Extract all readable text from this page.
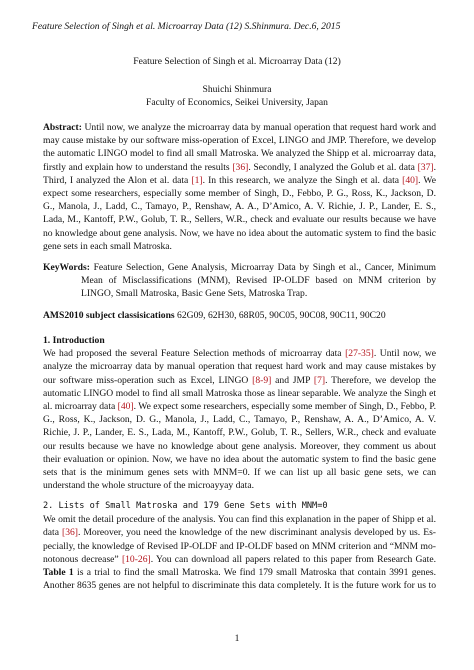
Feature Selection of Singh et al. Microarray Data (12) S.Shinmura. Dec.6, 2015
Feature Selection of Singh et al. Microarray Data (12)
Shuichi Shinmura
Faculty of Economics, Seikei University, Japan
Abstract: Until now, we analyze the microarray data by manual operation that request hard work and
may cause mistake by our software miss-operation of Excel, LINGO and JMP. Therefore, we develop
the automatic LINGO model to find all small Matroska. We analyzed the Shipp et al. microarray data,
firstly and explain how to understand the results [36]. Secondly, I analyzed the Golub et al. data [37].
Third, I analyzed the Alon et al. data [1]. In this research, we analyze the Singh et al. data [40]. We
expect some researchers, especially some member of Singh, D., Febbo, P. G., Ross, K., Jackson, D.
G., Manola, J., Ladd, C., Tamayo, P., Renshaw, A. A., D’Amico, A. V. Richie, J. P., Lander, E. S.,
Lada, M., Kantoff, P.W., Golub, T. R., Sellers, W.R., check and evaluate our results because we have
no knowledge about gene analysis. Now, we have no idea about the automatic system to find the basic
gene sets in each small Matroska.
KeyWords: Feature Selection, Gene Analysis, Microarray Data by Singh et al., Cancer, Minimum
Mean of Misclassifications (MNM), Revised IP-OLDF based on MNM criterion by
LINGO, Small Matroska, Basic Gene Sets, Matroska Trap.
AMS2010 subject classisications 62G09, 62H30, 68R05, 90C05, 90C08, 90C11, 90C20
1. Introduction
We had proposed the several Feature Selection methods of microarray data [27-35]. Until now, we
analyze the microarray data by manual operation that request hard work and may cause mistakes by
our software miss-operation such as Excel, LINGO [8-9] and JMP [7]. Therefore, we develop the
automatic LINGO model to find all small Matroska those as linear separable. We analyze the Singh et
al. microarray data [40]. We expect some researchers, especially some member of Singh, D., Febbo, P.
G., Ross, K., Jackson, D. G., Manola, J., Ladd, C., Tamayo, P., Renshaw, A. A., D’Amico, A. V.
Richie, J. P., Lander, E. S., Lada, M., Kantoff, P.W., Golub, T. R., Sellers, W.R., check and evaluate
our results because we have no knowledge about gene analysis. Moreover, they comment us about
their evaluation or opinion. Now, we have no idea about the automatic system to find the basic gene
sets that is the minimum genes sets with MNM=0. If we can list up all basic gene sets, we can
understand the whole structure of the microayyay data.
2. Lists of Small Matroska and 179 Gene Sets with MNM=0
We omit the detail procedure of the analysis. You can find this explanation in the paper of Shipp et al.
data [36]. Moreover, you need the knowledge of the new discriminant analysis developed by us. Es-
pecially, the knowledge of Revised IP-OLDF and IP-OLDF based on MNM criterion and “MNM mo-
notonous decrease” [10-26]. You can download all papers related to this paper from Research Gate.
Table 1 is a trial to find the small Matroska. We find 179 small Matroska that contain 3991 genes.
Another 8635 genes are not helpful to discriminate this data completely. It is the future work for us to
1
